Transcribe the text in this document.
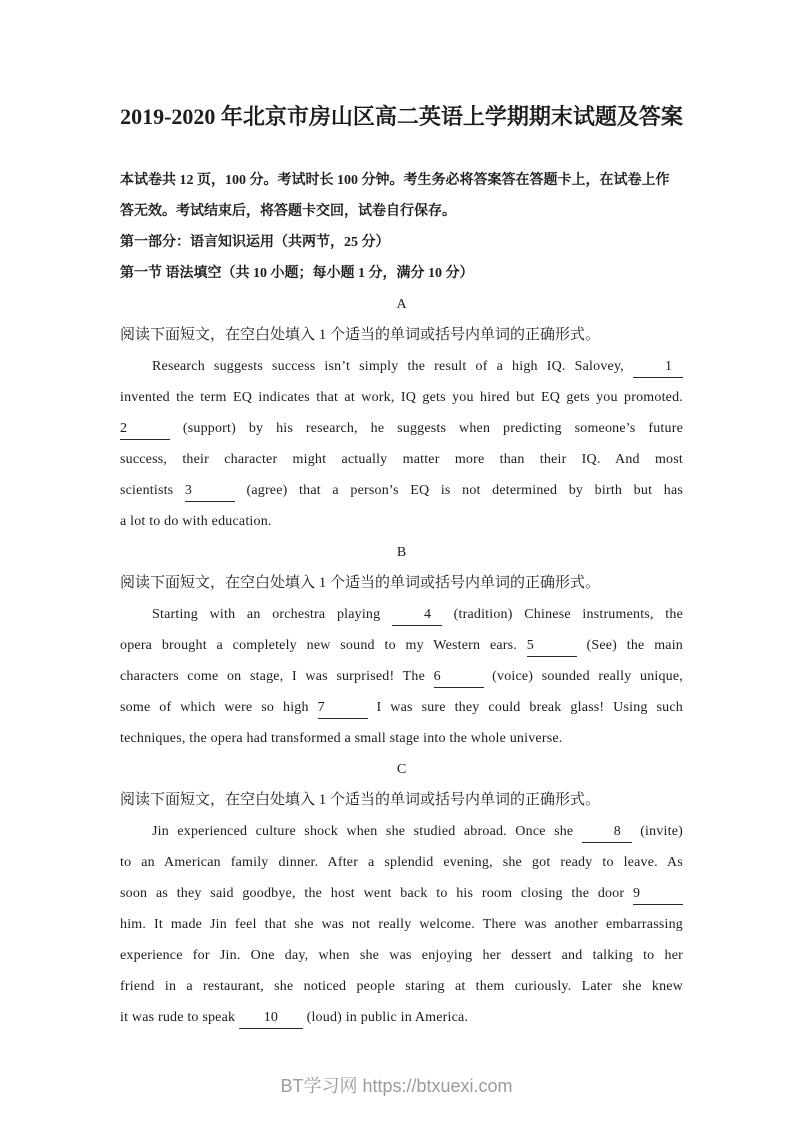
2019-2020 年北京市房山区高二英语上学期期末试题及答案
本试卷共 12 页，100 分。考试时长 100 分钟。考生务必将答案答在答题卡上，在试卷上作
答无效。考试结束后，将答题卡交回，试卷自行保存。
第一部分：语言知识运用（共两节，25 分）
第一节 语法填空（共 10 小题；每小题 1 分，满分 10 分）
A
阅读下面短文，在空白处填入 1 个适当的单词或括号内单词的正确形式。
Research suggests success isn’t simply the result of a high IQ. Salovey, 1
invented the term EQ indicates that at work, IQ gets you hired but EQ gets you promoted.
2	(support) by his research, he suggests when predicting someone’s future
success, their character might actually matter more than their IQ. And most
scientists 3	(agree) that a person’s EQ is not determined by birth but has
a lot to do with education.
B
阅读下面短文，在空白处填入 1 个适当的单词或括号内单词的正确形式。
Starting with an orchestra playing 4 (tradition) Chinese instruments, the
opera brought a completely new sound to my Western ears. 5	(See) the main
characters come on stage, I was surprised! The 6	(voice) sounded really unique,
some of which were so high 7	I was sure they could break glass! Using such
techniques, the opera had transformed a small stage into the whole universe.
C
阅读下面短文，在空白处填入 1 个适当的单词或括号内单词的正确形式。
Jin experienced culture shock when she studied abroad. Once she 8 (invite)
to an American family dinner. After a splendid evening, she got ready to leave. As
soon as they said goodbye, the host went back to his room closing the door 9
him. It made Jin feel that she was not really welcome. There was another embarrassing
experience for Jin. One day, when she was enjoying her dessert and talking to her
friend in a restaurant, she noticed people staring at them curiously. Later she knew
it was rude to speak 10 (loud) in public in America.
BT学习网 https://btxuexi.com
